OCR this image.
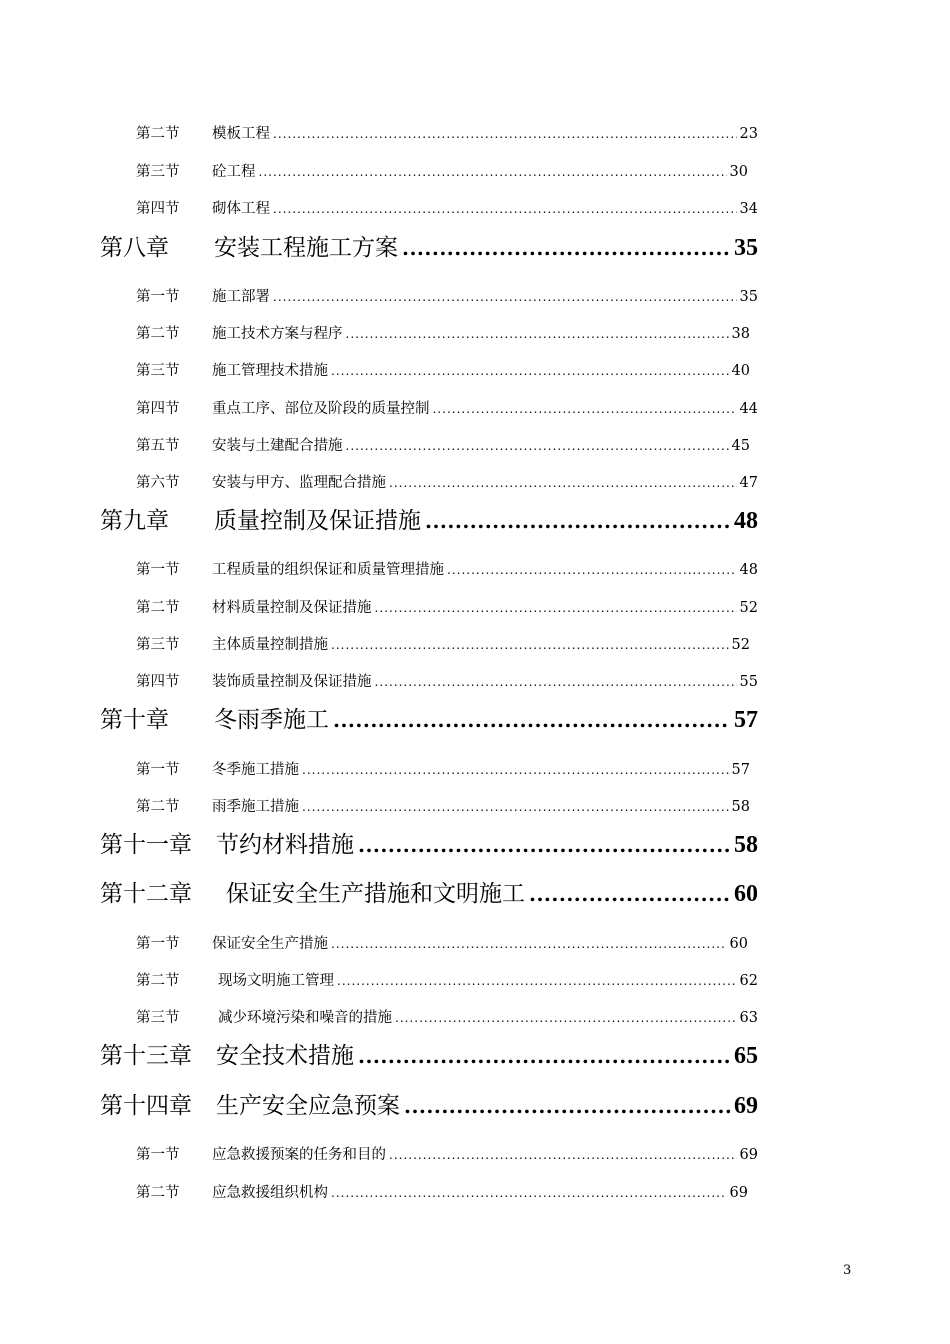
第二节	模板工程 .....	23
第三节	砼工程 .....	30
第四节	砌体工程 .....	34
第八章	安装工程施工方案 .....	35
第一节	施工部署 .....	35
第二节	施工技术方案与程序 .....	38
第三节	施工管理技术措施 .....	40
第四节	重点工序、部位及阶段的质量控制 .....	44
第五节	安装与土建配合措施 .....	45
第六节	安装与甲方、监理配合措施 .....	47
第九章	质量控制及保证措施 .....	48
第一节	工程质量的组织保证和质量管理措施 .....	48
第二节	材料质量控制及保证措施 .....	52
第三节	主体质量控制措施 .....	52
第四节	装饰质量控制及保证措施 .....	55
第十章	冬雨季施工 .....	57
第一节	冬季施工措施 .....	57
第二节	雨季施工措施 .....	58
第十一章	节约材料措施 .....	58
第十二章	保证安全生产措施和文明施工 .....	60
第一节	保证安全生产措施 .....	60
第二节	现场文明施工管理 .....	62
第三节	减少环境污染和噪音的措施 .....	63
第十三章	安全技术措施 .....	65
第十四章	生产安全应急预案 .....	69
第一节	应急救援预案的任务和目的 .....	69
第二节	应急救援组织机构 .....	69
3
